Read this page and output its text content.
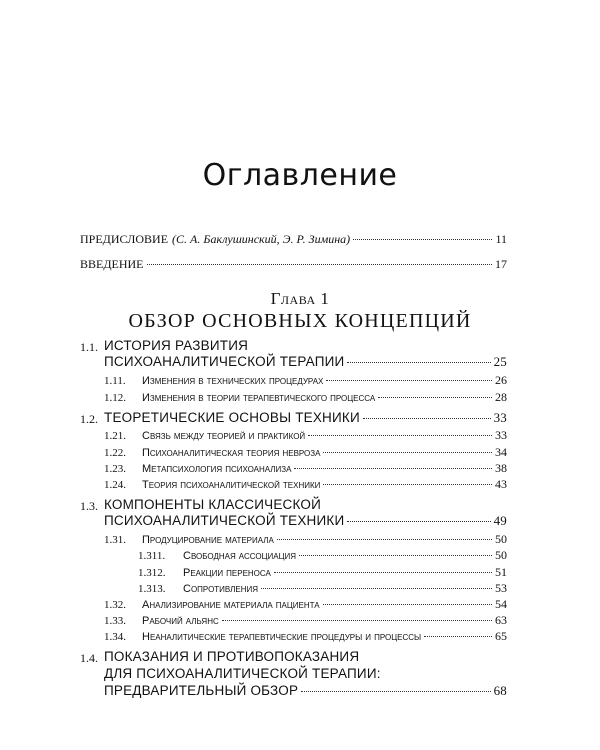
Оглавление
ПРЕДИСЛОВИЕ (С. А. Баклушинский, Э. Р. Зимина)	11
ВВЕДЕНИЕ	17
Глава 1
ОБЗОР ОСНОВНЫХ КОНЦЕПЦИЙ
1.1. ИСТОРИЯ РАЗВИТИЯ
ПСИХОАНАЛИТИЧЕСКОЙ ТЕРАПИИ	25
1.11.	Изменения в технических процедурах	26
1.12.	Изменения в теории терапевтического процесса	28
1.2. ТЕОРЕТИЧЕСКИЕ ОСНОВЫ ТЕХНИКИ	33
1.21.	Связь между теорией и практикой	33
1.22.	Психоаналитическая теория невроза	34
1.23.	Метапсихология психоанализа	38
1.24.	Теория психоаналитической техники	43
1.3. КОМПОНЕНТЫ КЛАССИЧЕСКОЙ
ПСИХОАНАЛИТИЧЕСКОЙ ТЕХНИКИ	49
1.31.	Продуцирование материала	50
1.311.	Свободная ассоциация	50
1.312.	Реакции переноса	51
1.313.	Сопротивления	53
1.32.	Анализирование материала пациента	54
1.33.	Рабочий альянс	63
1.34.	Неаналитические терапевтические процедуры и процессы	65
1.4. ПОКАЗАНИЯ И ПРОТИВОПОКАЗАНИЯ
ДЛЯ ПСИХОАНАЛИТИЧЕСКОЙ ТЕРАПИИ:
ПРЕДВАРИТЕЛЬНЫЙ ОБЗОР	68
